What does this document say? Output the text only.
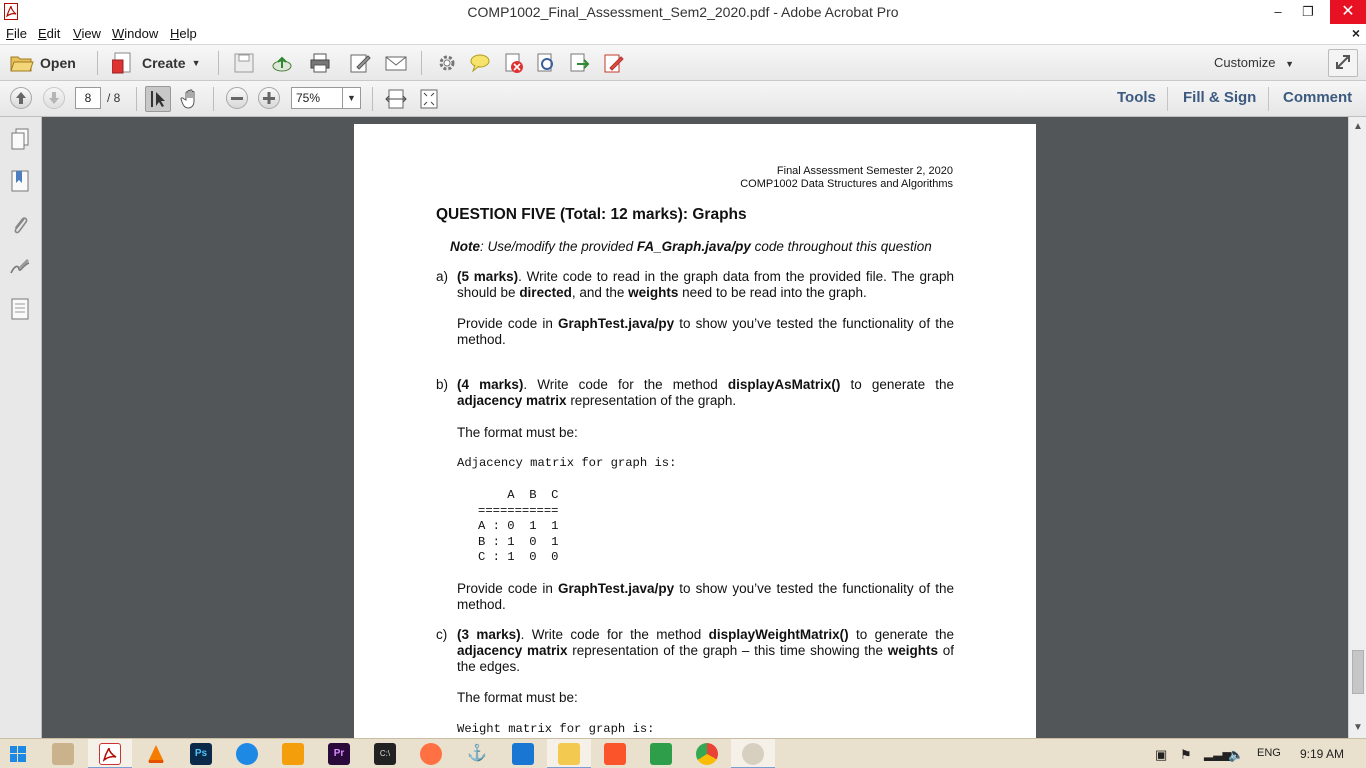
COMP1002_Final_Assessment_Sem2_2020.pdf - Adobe Acrobat Pro	–	❐	✕
File Edit View Window Help	×
Open	Create ▼	Customize ▼
8	/ 8	75%	▼	Tools Fill & Sign Comment
Final Assessment Semester 2, 2020
COMP1002 Data Structures and Algorithms
QUESTION FIVE (Total: 12 marks): Graphs
Note: Use/modify the provided FA_Graph.java/py code throughout this question
a) (5 marks). Write code to read in the graph data from the provided file. The graph should be directed, and the weights need to be read into the graph.
Provide code in GraphTest.java/py to show you’ve tested the functionality of the method.
b) (4 marks). Write code for the method displayAsMatrix() to generate the adjacency matrix representation of the graph.
The format must be:
Adjacency matrix for graph is:
A  B  C
===========
A : 0  1  1
B : 1  0  1
C : 1  0  0
Provide code in GraphTest.java/py to show you’ve tested the functionality of the method.
c) (3 marks). Write code for the method displayWeightMatrix() to generate the adjacency matrix representation of the graph – this time showing the weights of the edges.
The format must be:
Weight matrix for graph is:
▲
▼
Ps	Pr	C:\	⚓	▣ ⚑ ▂▃▅
🔈 ENG 9:19 AM
